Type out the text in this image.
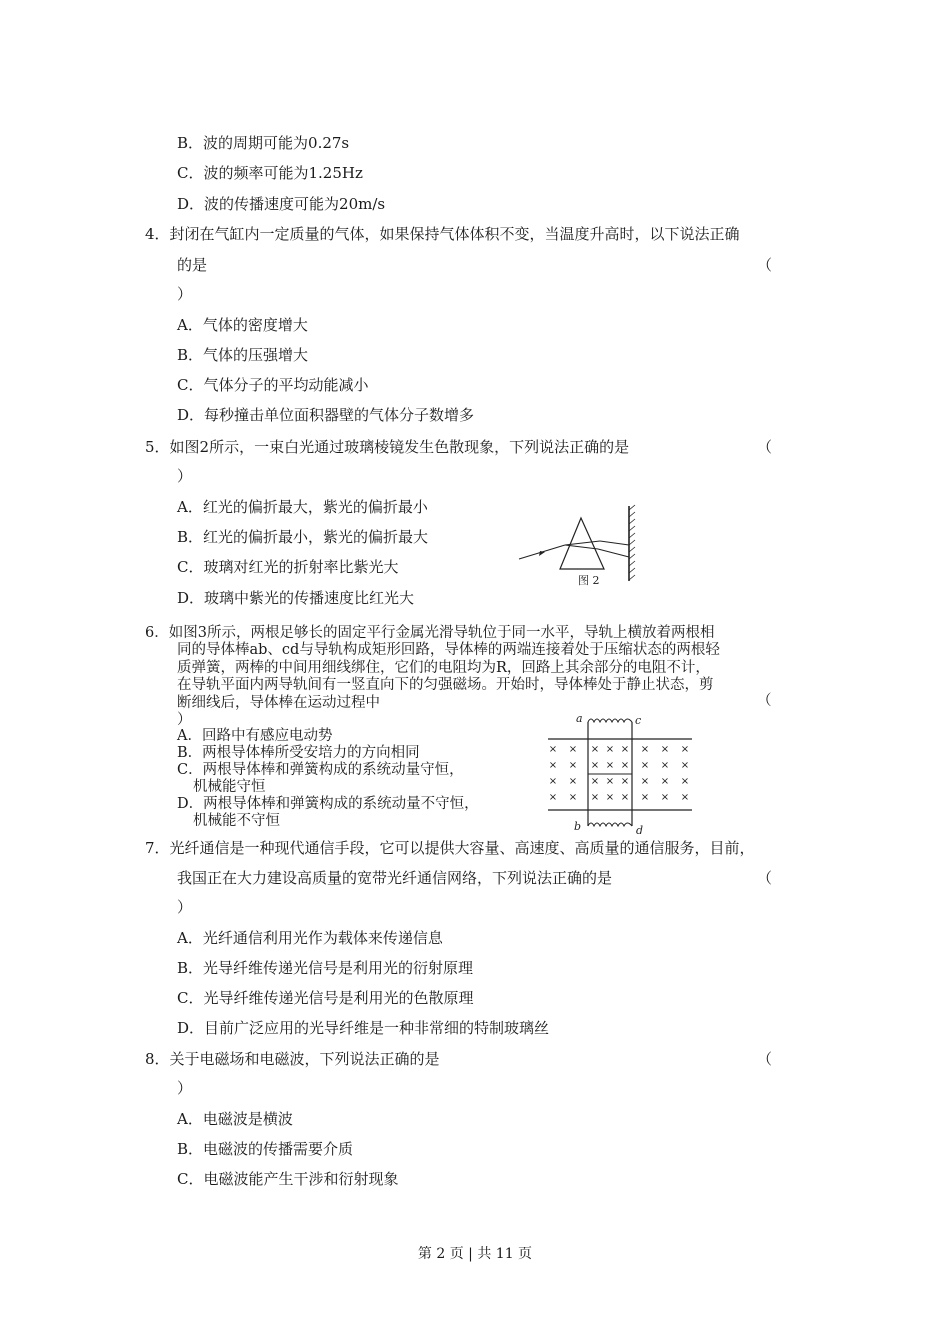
B．波的周期可能为0.27s
C．波的频率可能为1.25Hz
D．波的传播速度可能为20m/s
4．封闭在气缸内一定质量的气体，如果保持气体体积不变，当温度升高时，以下说法正确
的是	（
）
A．气体的密度增大
B．气体的压强增大
C．气体分子的平均动能减小
D．每秒撞击单位面积器壁的气体分子数增多
5．如图2所示，一束白光通过玻璃棱镜发生色散现象，下列说法正确的是	（
）
A．红光的偏折最大，紫光的偏折最小
B．红光的偏折最小，紫光的偏折最大
C．玻璃对红光的折射率比紫光大
D．玻璃中紫光的传播速度比红光大
图 2
6．如图3所示，两根足够长的固定平行金属光滑导轨位于同一水平，导轨上横放着两根相
同的导体棒ab、cd与导轨构成矩形回路，导体棒的两端连接着处于压缩状态的两根轻
质弹簧，两棒的中间用细线绑住，它们的电阻均为R，回路上其余部分的电阻不计，
在导轨平面内两导轨间有一竖直向下的匀强磁场。开始时，导体棒处于静止状态，剪
断细线后，导体棒在运动过程中	（
）
A．回路中有感应电动势
B．两根导体棒所受安培力的方向相同
C．两根导体棒和弹簧构成的系统动量守恒，
机械能守恒
D．两根导体棒和弹簧构成的系统动量不守恒，
机械能不守恒
× × × × × × × ×
× × × × × × × ×
× × × × × × × ×
× × × × × × × ×
a	c
b	d
7．光纤通信是一种现代通信手段，它可以提供大容量、高速度、高质量的通信服务，目前，
我国正在大力建设高质量的宽带光纤通信网络，下列说法正确的是	（
）
A．光纤通信利用光作为载体来传递信息
B．光导纤维传递光信号是利用光的衍射原理
C．光导纤维传递光信号是利用光的色散原理
D．目前广泛应用的光导纤维是一种非常细的特制玻璃丝
8．关于电磁场和电磁波，下列说法正确的是	（
）
A．电磁波是横波
B．电磁波的传播需要介质
C．电磁波能产生干涉和衍射现象
第 2 页 | 共 11 页
